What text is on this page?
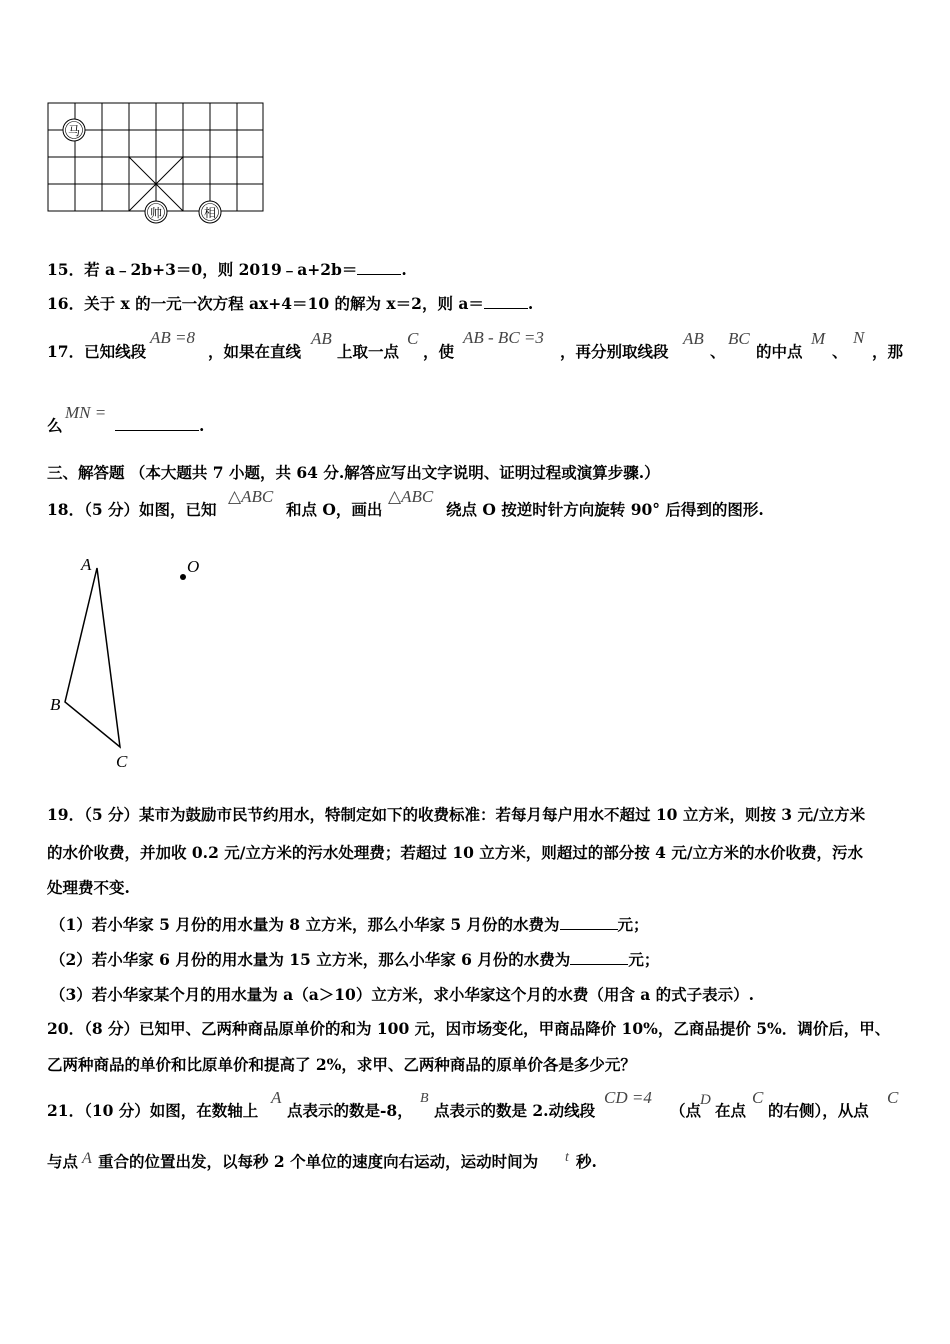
马
帅	相
15．若 a﹣2b+3＝0，则 2019﹣a+2b＝	.
16．关于 x 的一元一次方程 ax+4＝10 的解为 x＝2，则 a＝	.
17．已知线段
AB =8
，如果在直线
AB
上取一点
C
，使
AB - BC =3
，再分别取线段
AB
、
BC
的中点
M
、
N
，那
么
MN =
.
三、解答题 （本大题共 7 小题，共 64 分.解答应写出文字说明、证明过程或演算步骤.）
18．（5 分）如图，已知
△ABC
和点 O，画出
△ABC
绕点 O 按逆时针方向旋转 90° 后得到的图形.
A
B
C
O
19．（5 分）某市为鼓励市民节约用水，特制定如下的收费标准：若每月每户用水不超过 10 立方米，则按 3 元/立方米
的水价收费，并加收 0.2 元/立方米的污水处理费；若超过 10 立方米，则超过的部分按 4 元/立方米的水价收费，污水
处理费不变.
（1）若小华家 5 月份的用水量为 8 立方米，那么小华家 5 月份的水费为	元；
（2）若小华家 6 月份的用水量为 15 立方米，那么小华家 6 月份的水费为	元；
（3）若小华家某个月的用水量为 a（a＞10）立方米，求小华家这个月的水费（用含 a 的式子表示）.
20．（8 分）已知甲、乙两种商品原单价的和为 100 元，因市场变化，甲商品降价 10%，乙商品提价 5%．调价后，甲、
乙两种商品的单价和比原单价和提高了 2%，求甲、乙两种商品的原单价各是多少元？
21．（10 分）如图，在数轴上
A
点表示的数是-8，
B
点表示的数是 2.动线段
CD =4
（点
D
在点
C
的右侧），从点
C
与点 A 重合的位置出发，以每秒 2 个单位的速度向右运动，运动时间为 t 秒.
